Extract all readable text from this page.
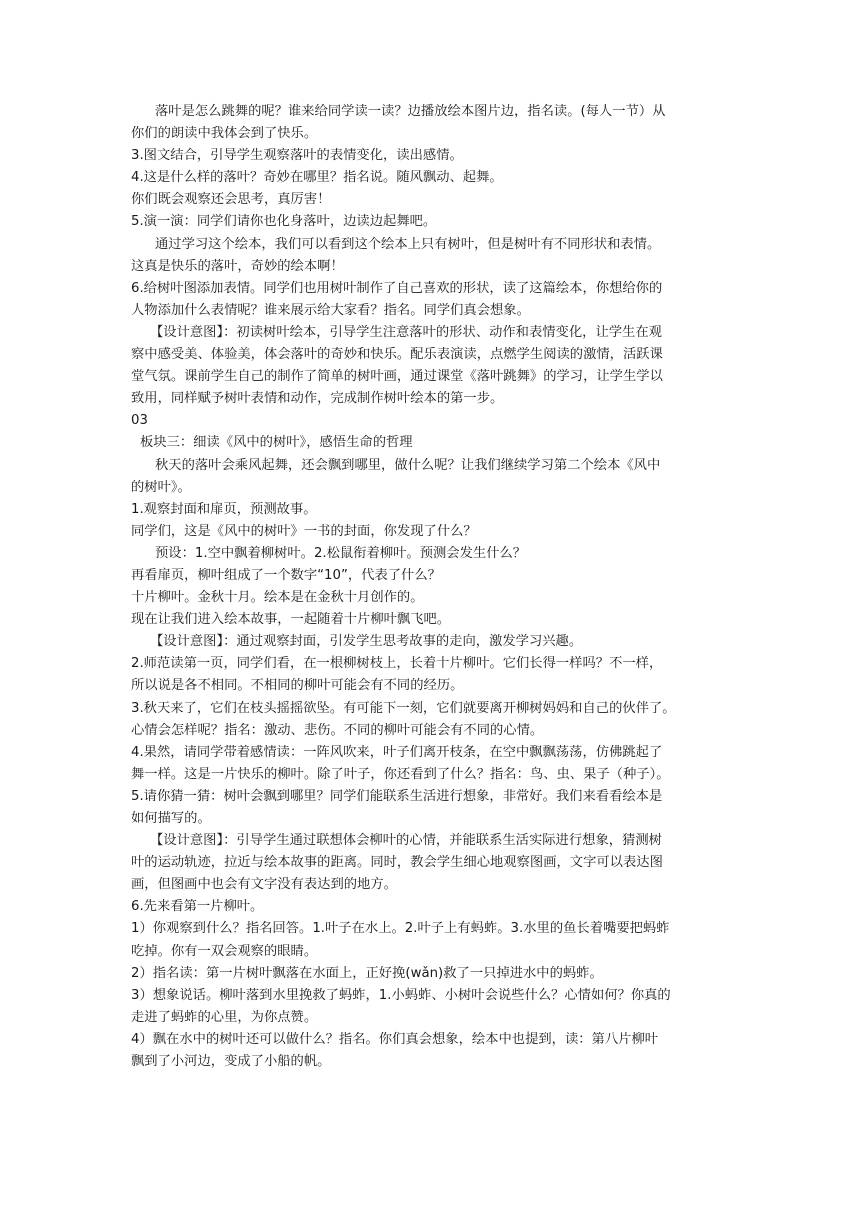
落叶是怎么跳舞的呢？谁来给同学读一读？边播放绘本图片边，指名读。(每人一节）从
你们的朗读中我体会到了快乐。
3.图文结合，引导学生观察落叶的表情变化，读出感情。
4.这是什么样的落叶？奇妙在哪里？指名说。随风飘动、起舞。
你们既会观察还会思考，真厉害！
5.演一演：同学们请你也化身落叶，边读边起舞吧。
通过学习这个绘本，我们可以看到这个绘本上只有树叶，但是树叶有不同形状和表情。
这真是快乐的落叶，奇妙的绘本啊！
6.给树叶图添加表情。同学们也用树叶制作了自己喜欢的形状，读了这篇绘本，你想给你的
人物添加什么表情呢？谁来展示给大家看？指名。同学们真会想象。
【设计意图】：初读树叶绘本，引导学生注意落叶的形状、动作和表情变化，让学生在观
察中感受美、体验美，体会落叶的奇妙和快乐。配乐表演读，点燃学生阅读的激情，活跃课
堂气氛。课前学生自己的制作了简单的树叶画，通过课堂《落叶跳舞》的学习，让学生学以
致用，同样赋予树叶表情和动作，完成制作树叶绘本的第一步。
03
板块三：细读《风中的树叶》，感悟生命的哲理
秋天的落叶会乘风起舞，还会飘到哪里，做什么呢？让我们继续学习第二个绘本《风中
的树叶》。
1.观察封面和扉页，预测故事。
同学们，这是《风中的树叶》一书的封面，你发现了什么？
预设：1.空中飘着柳树叶。2.松鼠衔着柳叶。预测会发生什么？
再看扉页，柳叶组成了一个数字“10”，代表了什么？
十片柳叶。金秋十月。绘本是在金秋十月创作的。
现在让我们进入绘本故事，一起随着十片柳叶飘飞吧。
【设计意图】：通过观察封面，引发学生思考故事的走向，激发学习兴趣。
2.师范读第一页，同学们看，在一根柳树枝上，长着十片柳叶。它们长得一样吗？不一样，
所以说是各不相同。不相同的柳叶可能会有不同的经历。
3.秋天来了，它们在枝头摇摇欲坠。有可能下一刻，它们就要离开柳树妈妈和自己的伙伴了。
心情会怎样呢？指名：激动、悲伤。不同的柳叶可能会有不同的心情。
4.果然，请同学带着感情读：一阵风吹来，叶子们离开枝条，在空中飘飘荡荡，仿佛跳起了
舞一样。这是一片快乐的柳叶。除了叶子，你还看到了什么？指名：鸟、虫、果子（种子）。
5.请你猜一猜：树叶会飘到哪里？同学们能联系生活进行想象，非常好。我们来看看绘本是
如何描写的。
【设计意图】：引导学生通过联想体会柳叶的心情，并能联系生活实际进行想象，猜测树
叶的运动轨迹，拉近与绘本故事的距离。同时，教会学生细心地观察图画，文字可以表达图
画，但图画中也会有文字没有表达到的地方。
6.先来看第一片柳叶。
1）你观察到什么？指名回答。1.叶子在水上。2.叶子上有蚂蚱。3.水里的鱼长着嘴要把蚂蚱
吃掉。你有一双会观察的眼睛。
2）指名读：第一片树叶飘落在水面上，正好挽(wǎn)救了一只掉进水中的蚂蚱。
3）想象说话。柳叶落到水里挽救了蚂蚱，1.小蚂蚱、小树叶会说些什么？心情如何？你真的
走进了蚂蚱的心里，为你点赞。
4）飘在水中的树叶还可以做什么？指名。你们真会想象，绘本中也提到，读：第八片柳叶
飘到了小河边，变成了小船的帆。
